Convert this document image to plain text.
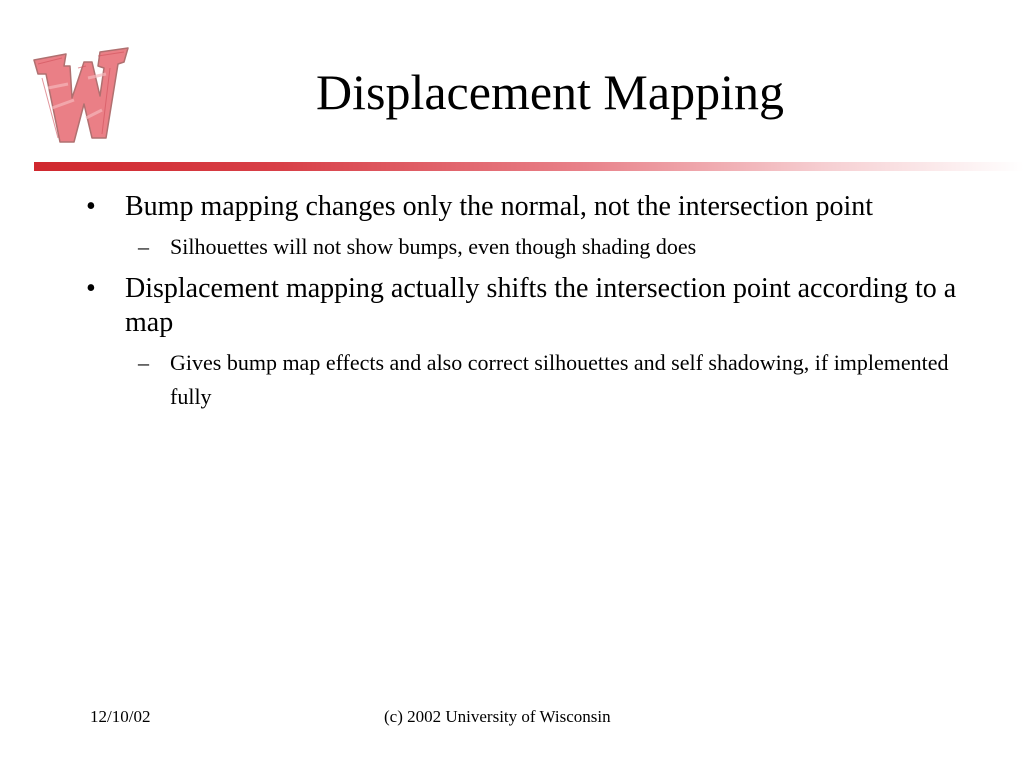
Displacement Mapping
• Bump mapping changes only the normal, not the intersection point
– Silhouettes will not show bumps, even though shading does
• Displacement mapping actually shifts the intersection point according to a map
– Gives bump map effects and also correct silhouettes and self shadowing, if implemented fully
12/10/02	(c) 2002 University of Wisconsin
